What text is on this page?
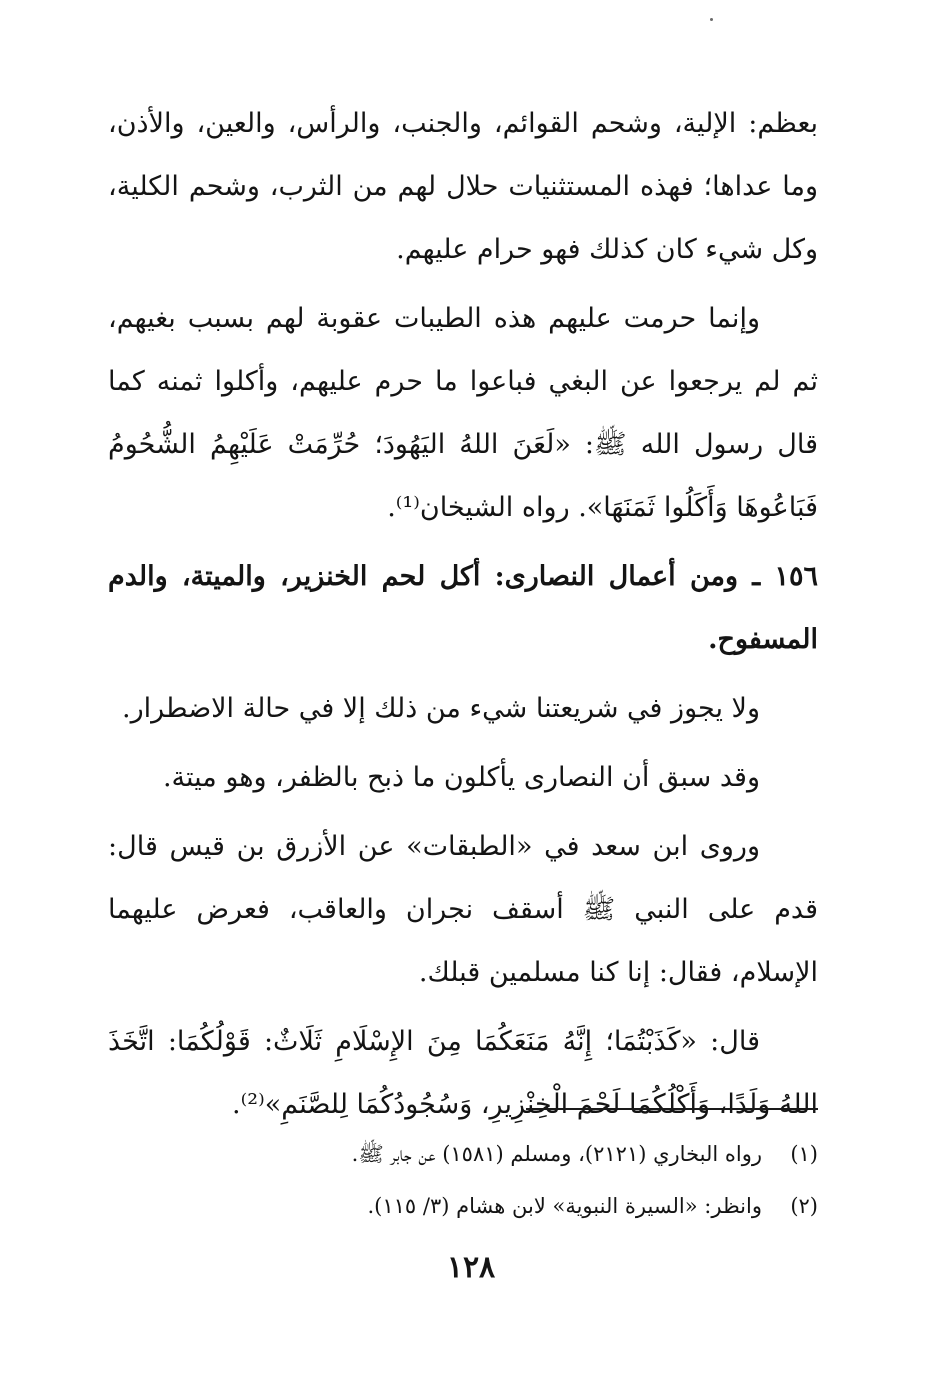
بعظم: الإلية، وشحم القوائم، والجنب، والرأس، والعين، والأذن، وما عداها؛ فهذه المستثنيات حلال لهم من الثرب، وشحم الكلية، وكل شيء كان كذلك فهو حرام عليهم.

وإنما حرمت عليهم هذه الطيبات عقوبة لهم بسبب بغيهم، ثم لم يرجعوا عن البغي فباعوا ما حرم عليهم، وأكلوا ثمنه كما قال رسول الله ﷺ: «لَعَنَ اللهُ اليَهُودَ؛ حُرِّمَتْ عَلَيْهِمُ الشُّحُومُ فَبَاعُوهَا وَأَكَلُوا ثَمَنَهَا». رواه الشيخان⁽¹⁾.

١٥٦ ـ ومن أعمال النصارى: أكل لحم الخنزير، والميتة، والدم المسفوح.

ولا يجوز في شريعتنا شيء من ذلك إلا في حالة الاضطرار.

وقد سبق أن النصارى يأكلون ما ذبح بالظفر، وهو ميتة.

وروى ابن سعد في «الطبقات» عن الأزرق بن قيس قال: قدم على النبي ﷺ أسقف نجران والعاقب، فعرض عليهما الإسلام، فقال: إنا كنا مسلمين قبلك.

قال: «كَذَبْتُمَا؛ إِنَّهُ مَنَعَكُمَا مِنَ الإِسْلَامِ ثَلَاثٌ: قَوْلُكُمَا: اتَّخَذَ اللهُ وَلَدًا، وَأَكْلُكُمَا لَحْمَ الْخِنْزِيرِ، وَسُجُودُكُمَا لِلصَّنَمِ»⁽²⁾.

(١)رواه البخاري (٢١٢١)، ومسلم (١٥٨١) عن جابر ﷺ.

(٢)وانظر: «السيرة النبوية» لابن هشام (٣/ ١١٥).

١٢٨
